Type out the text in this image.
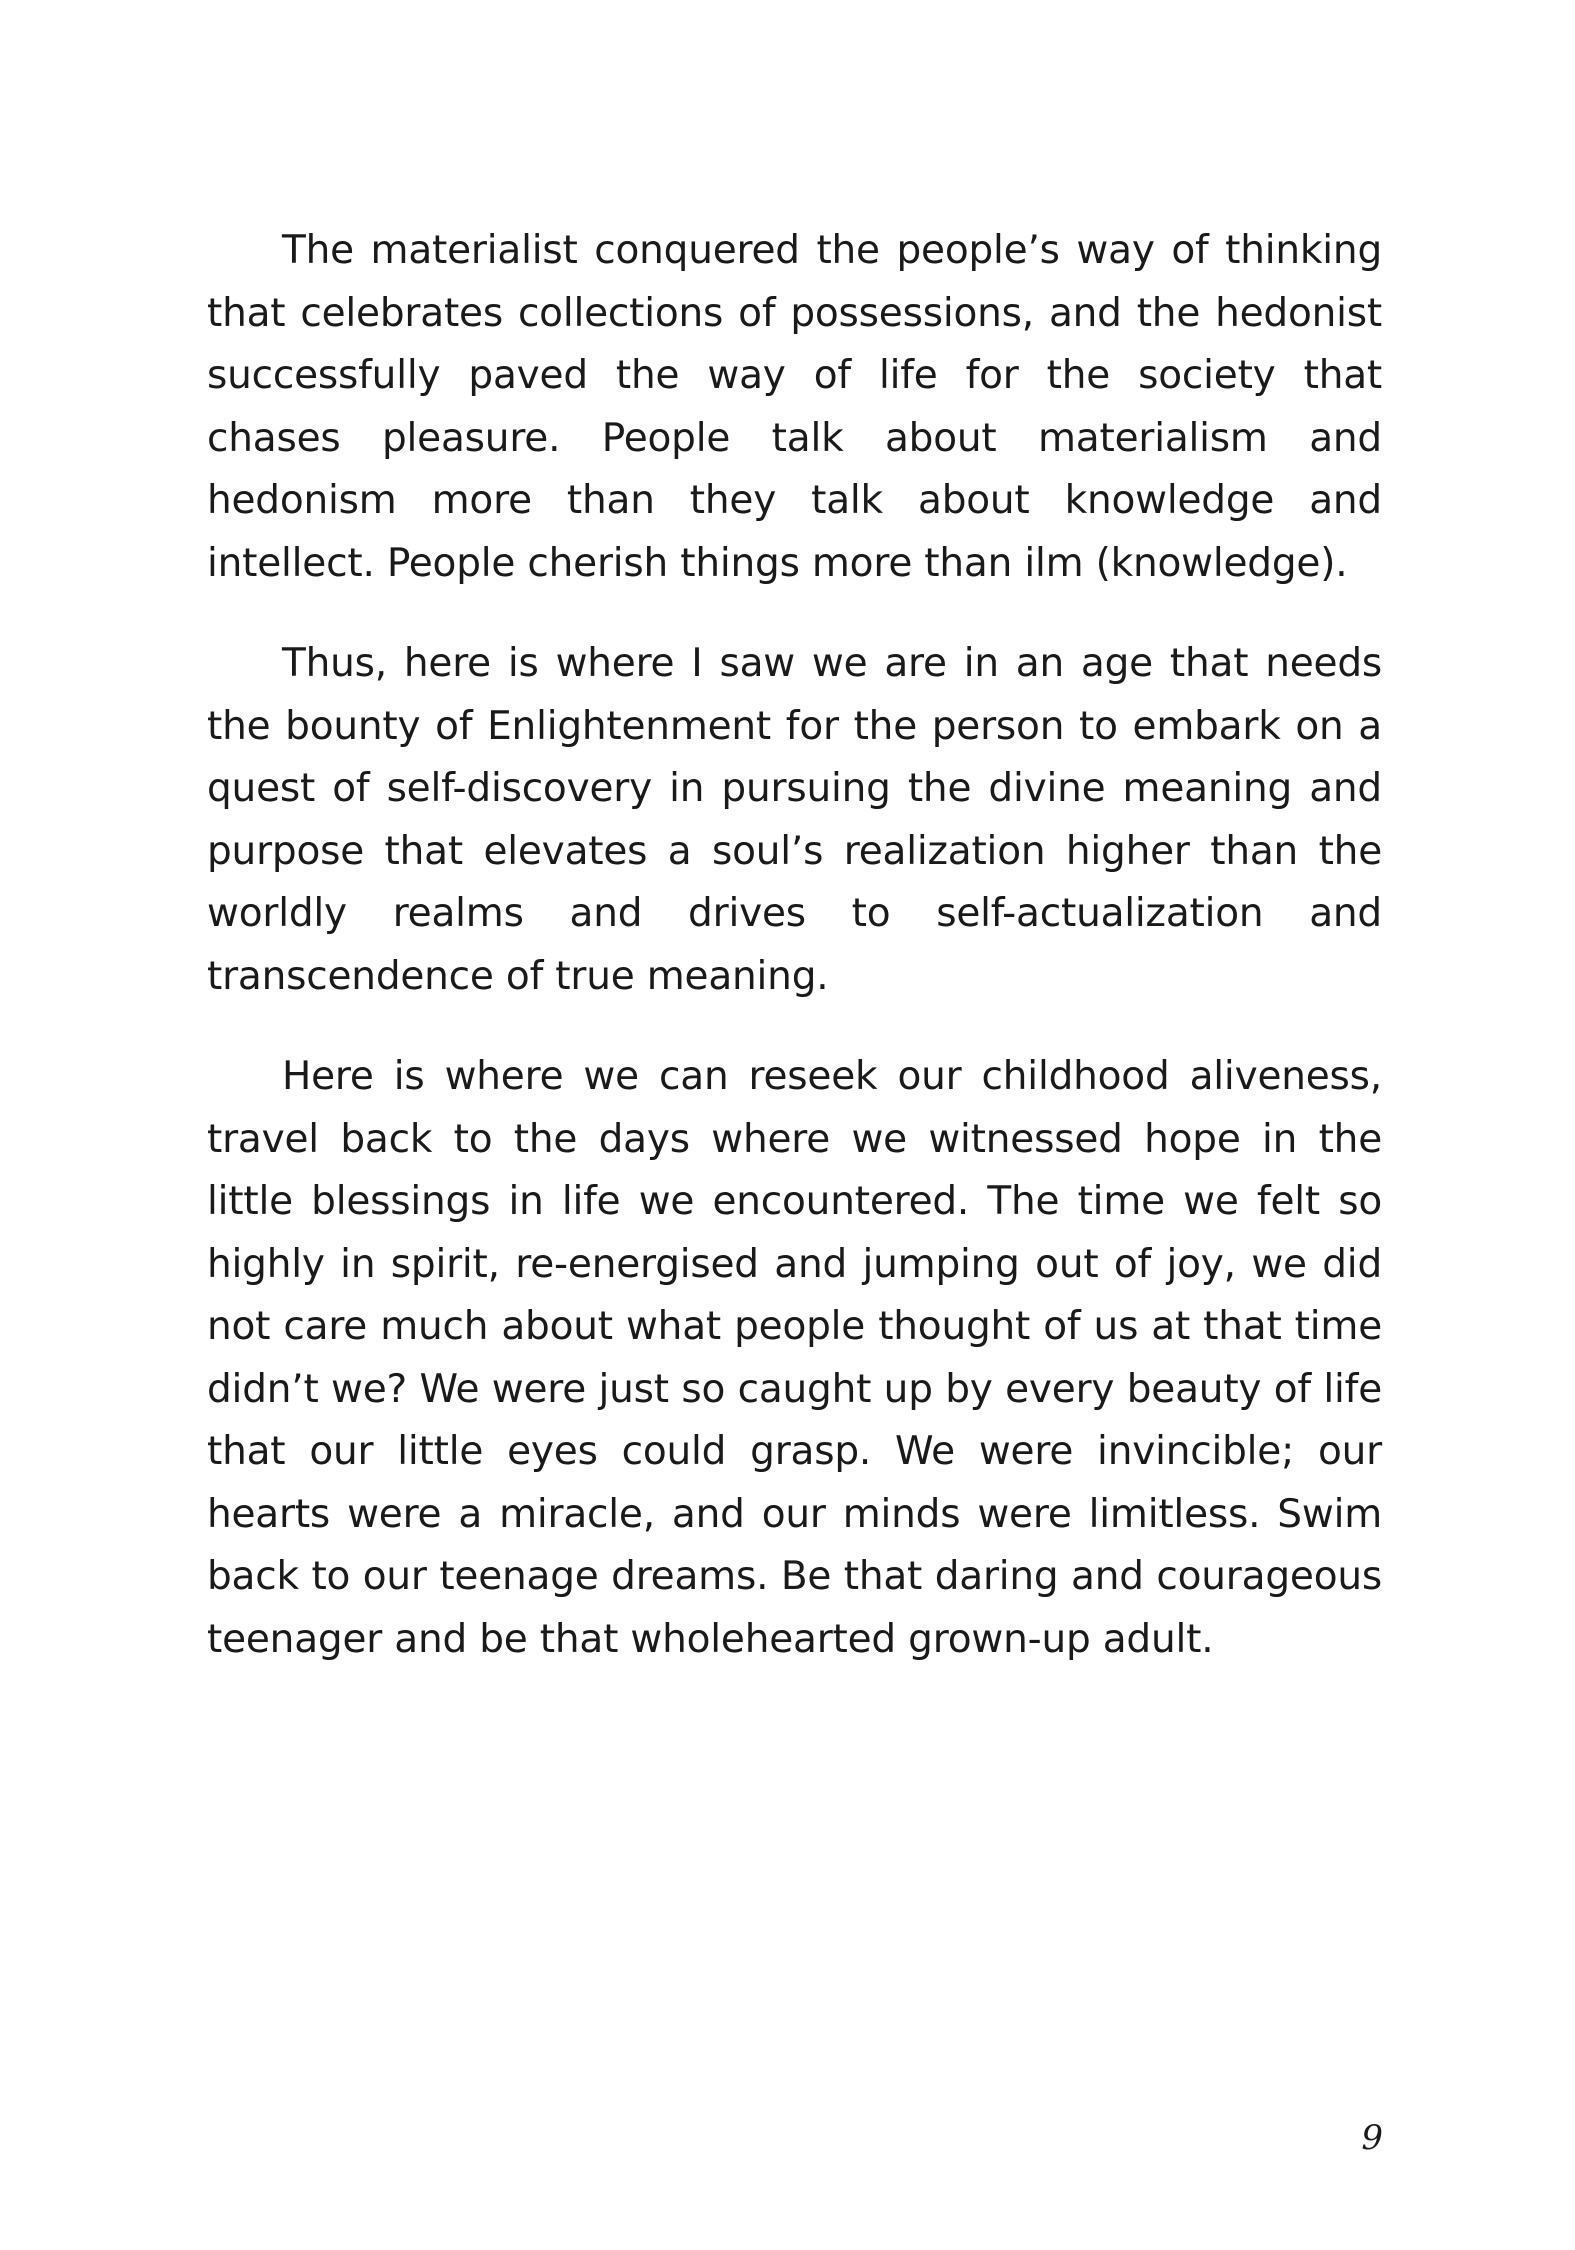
The materialist conquered the people’s way of thinking that celebrates collections of possessions, and the hedonist successfully paved the way of life for the society that chases pleasure. People talk about materialism and hedonism more than they talk about knowledge and intellect. People cherish things more than ilm (knowledge).

Thus, here is where I saw we are in an age that needs the bounty of Enlightenment for the person to embark on a quest of self-discovery in pursuing the divine meaning and purpose that elevates a soul’s realization higher than the worldly realms and drives to self-actualization and transcendence of true meaning.

Here is where we can reseek our childhood aliveness, travel back to the days where we witnessed hope in the little blessings in life we encountered. The time we felt so highly in spirit, re-energised and jumping out of joy, we did not care much about what people thought of us at that time didn’t we? We were just so caught up by every beauty of life that our little eyes could grasp. We were invincible; our hearts were a miracle, and our minds were limitless. Swim back to our teenage dreams. Be that daring and courageous teenager and be that wholehearted grown-up adult.

9
